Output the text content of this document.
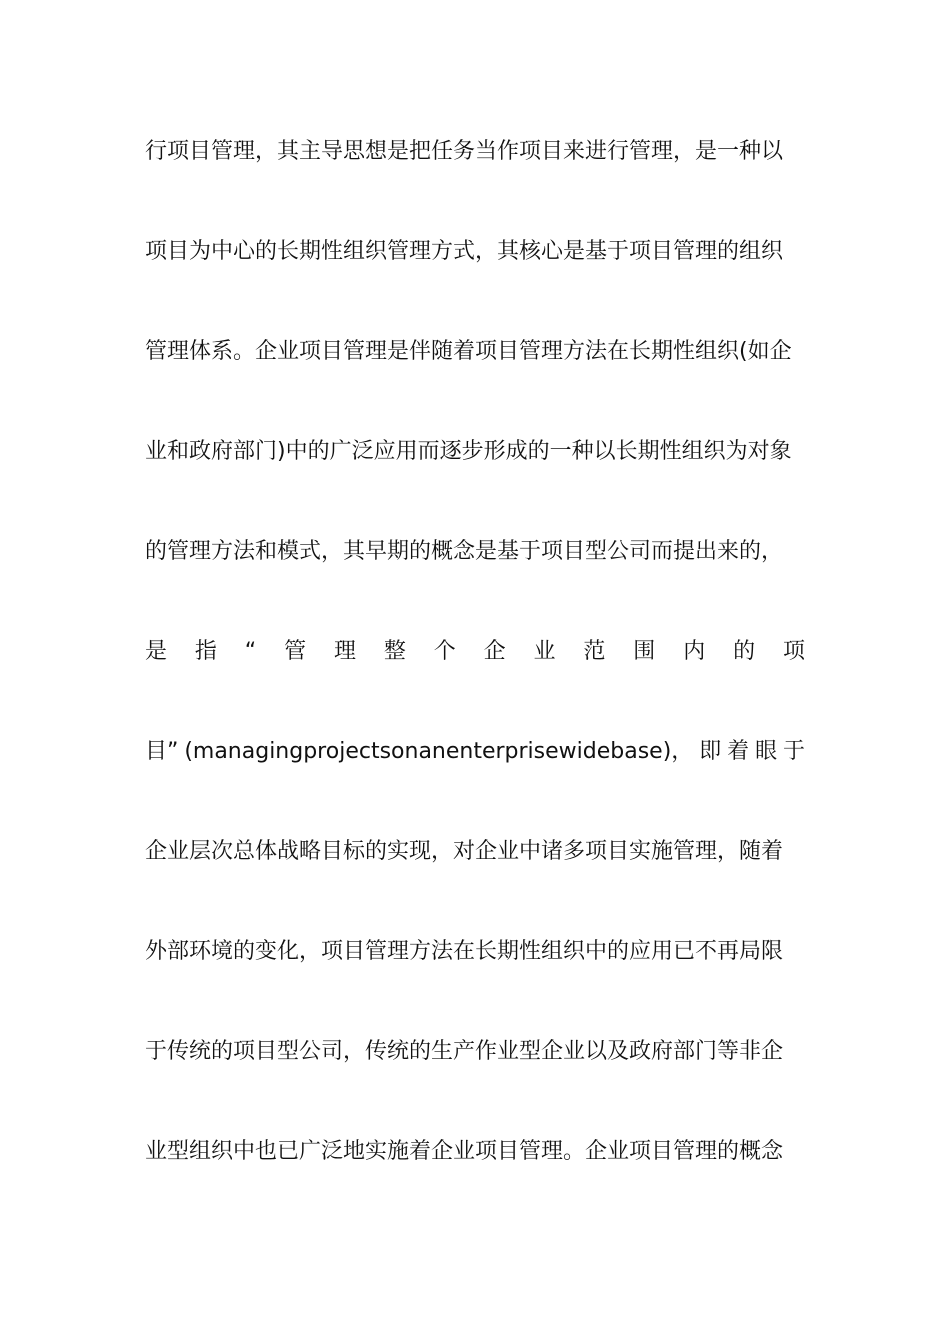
行项目管理，其主导思想是把任务当作项目来进行管理，是一种以
项目为中心的长期性组织管理方式，其核心是基于项目管理的组织
管理体系。企业项目管理是伴随着项目管理方法在长期性组织(如企
业和政府部门)中的广泛应用而逐步形成的一种以长期性组织为对象
的管理方法和模式，其早期的概念是基于项目型公司而提出来的，
是 指 “ 管 理 整 个 企 业 范 围 内 的 项
目” (managingprojectsonanenterprisewidebase)， 即 着 眼 于
企业层次总体战略目标的实现，对企业中诸多项目实施管理，随着
外部环境的变化，项目管理方法在长期性组织中的应用已不再局限
于传统的项目型公司，传统的生产作业型企业以及政府部门等非企
业型组织中也已广泛地实施着企业项目管理。企业项目管理的概念
